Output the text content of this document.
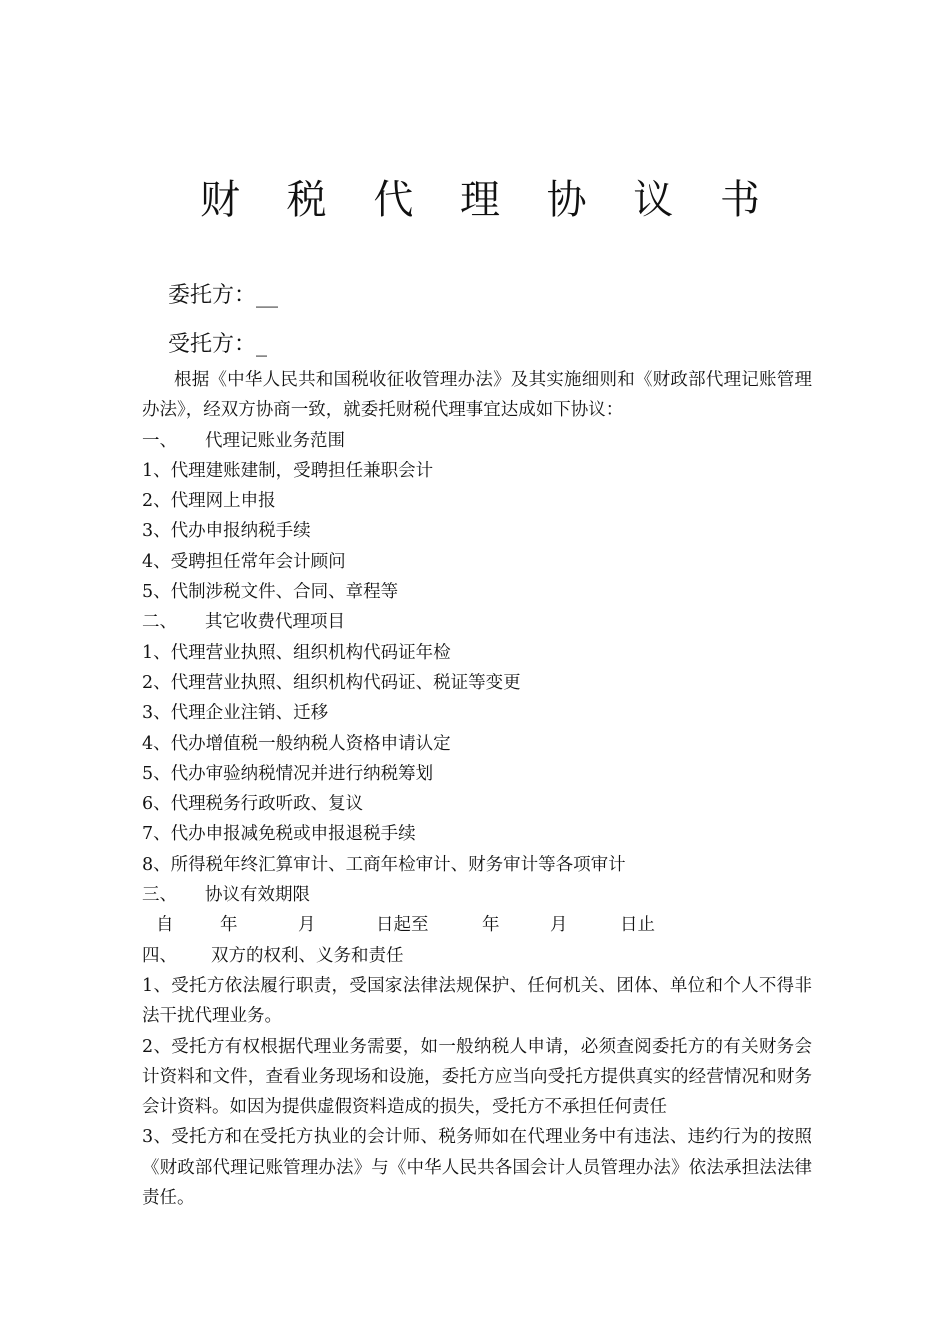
财 税 代 理 协 议 书
委托方：__
受托方：_
根据《中华人民共和国税收征收管理办法》及其实施细则和《财政部代理记账管理办法》，经双方协商一致，就委托财税代理事宜达成如下协议：
一、 代理记账业务范围
1、代理建账建制，受聘担任兼职会计
2、代理网上申报
3、代办申报纳税手续
4、受聘担任常年会计顾问
5、代制涉税文件、合同、章程等
二、 其它收费代理项目
1、代理营业执照、组织机构代码证年检
2、代理营业执照、组织机构代码证、税证等变更
3、代理企业注销、迁移
4、代办增值税一般纳税人资格申请认定
5、代办审验纳税情况并进行纳税筹划
6、代理税务行政听政、复议
7、代办申报减免税或申报退税手续
8、所得税年终汇算审计、工商年检审计、财务审计等各项审计
三、 协议有效期限
自	年	月	日起至	年	月	日止
四、 双方的权利、义务和责任
1、受托方依法履行职责，受国家法律法规保护、任何机关、团体、单位和个人不得非法干扰代理业务。
2、受托方有权根据代理业务需要，如一般纳税人申请，必须查阅委托方的有关财务会计资料和文件，查看业务现场和设施，委托方应当向受托方提供真实的经营情况和财务会计资料。如因为提供虚假资料造成的损失，受托方不承担任何责任
3、受托方和在受托方执业的会计师、税务师如在代理业务中有违法、违约行为的按照《财政部代理记账管理办法》与《中华人民共各国会计人员管理办法》依法承担法法律责任。
